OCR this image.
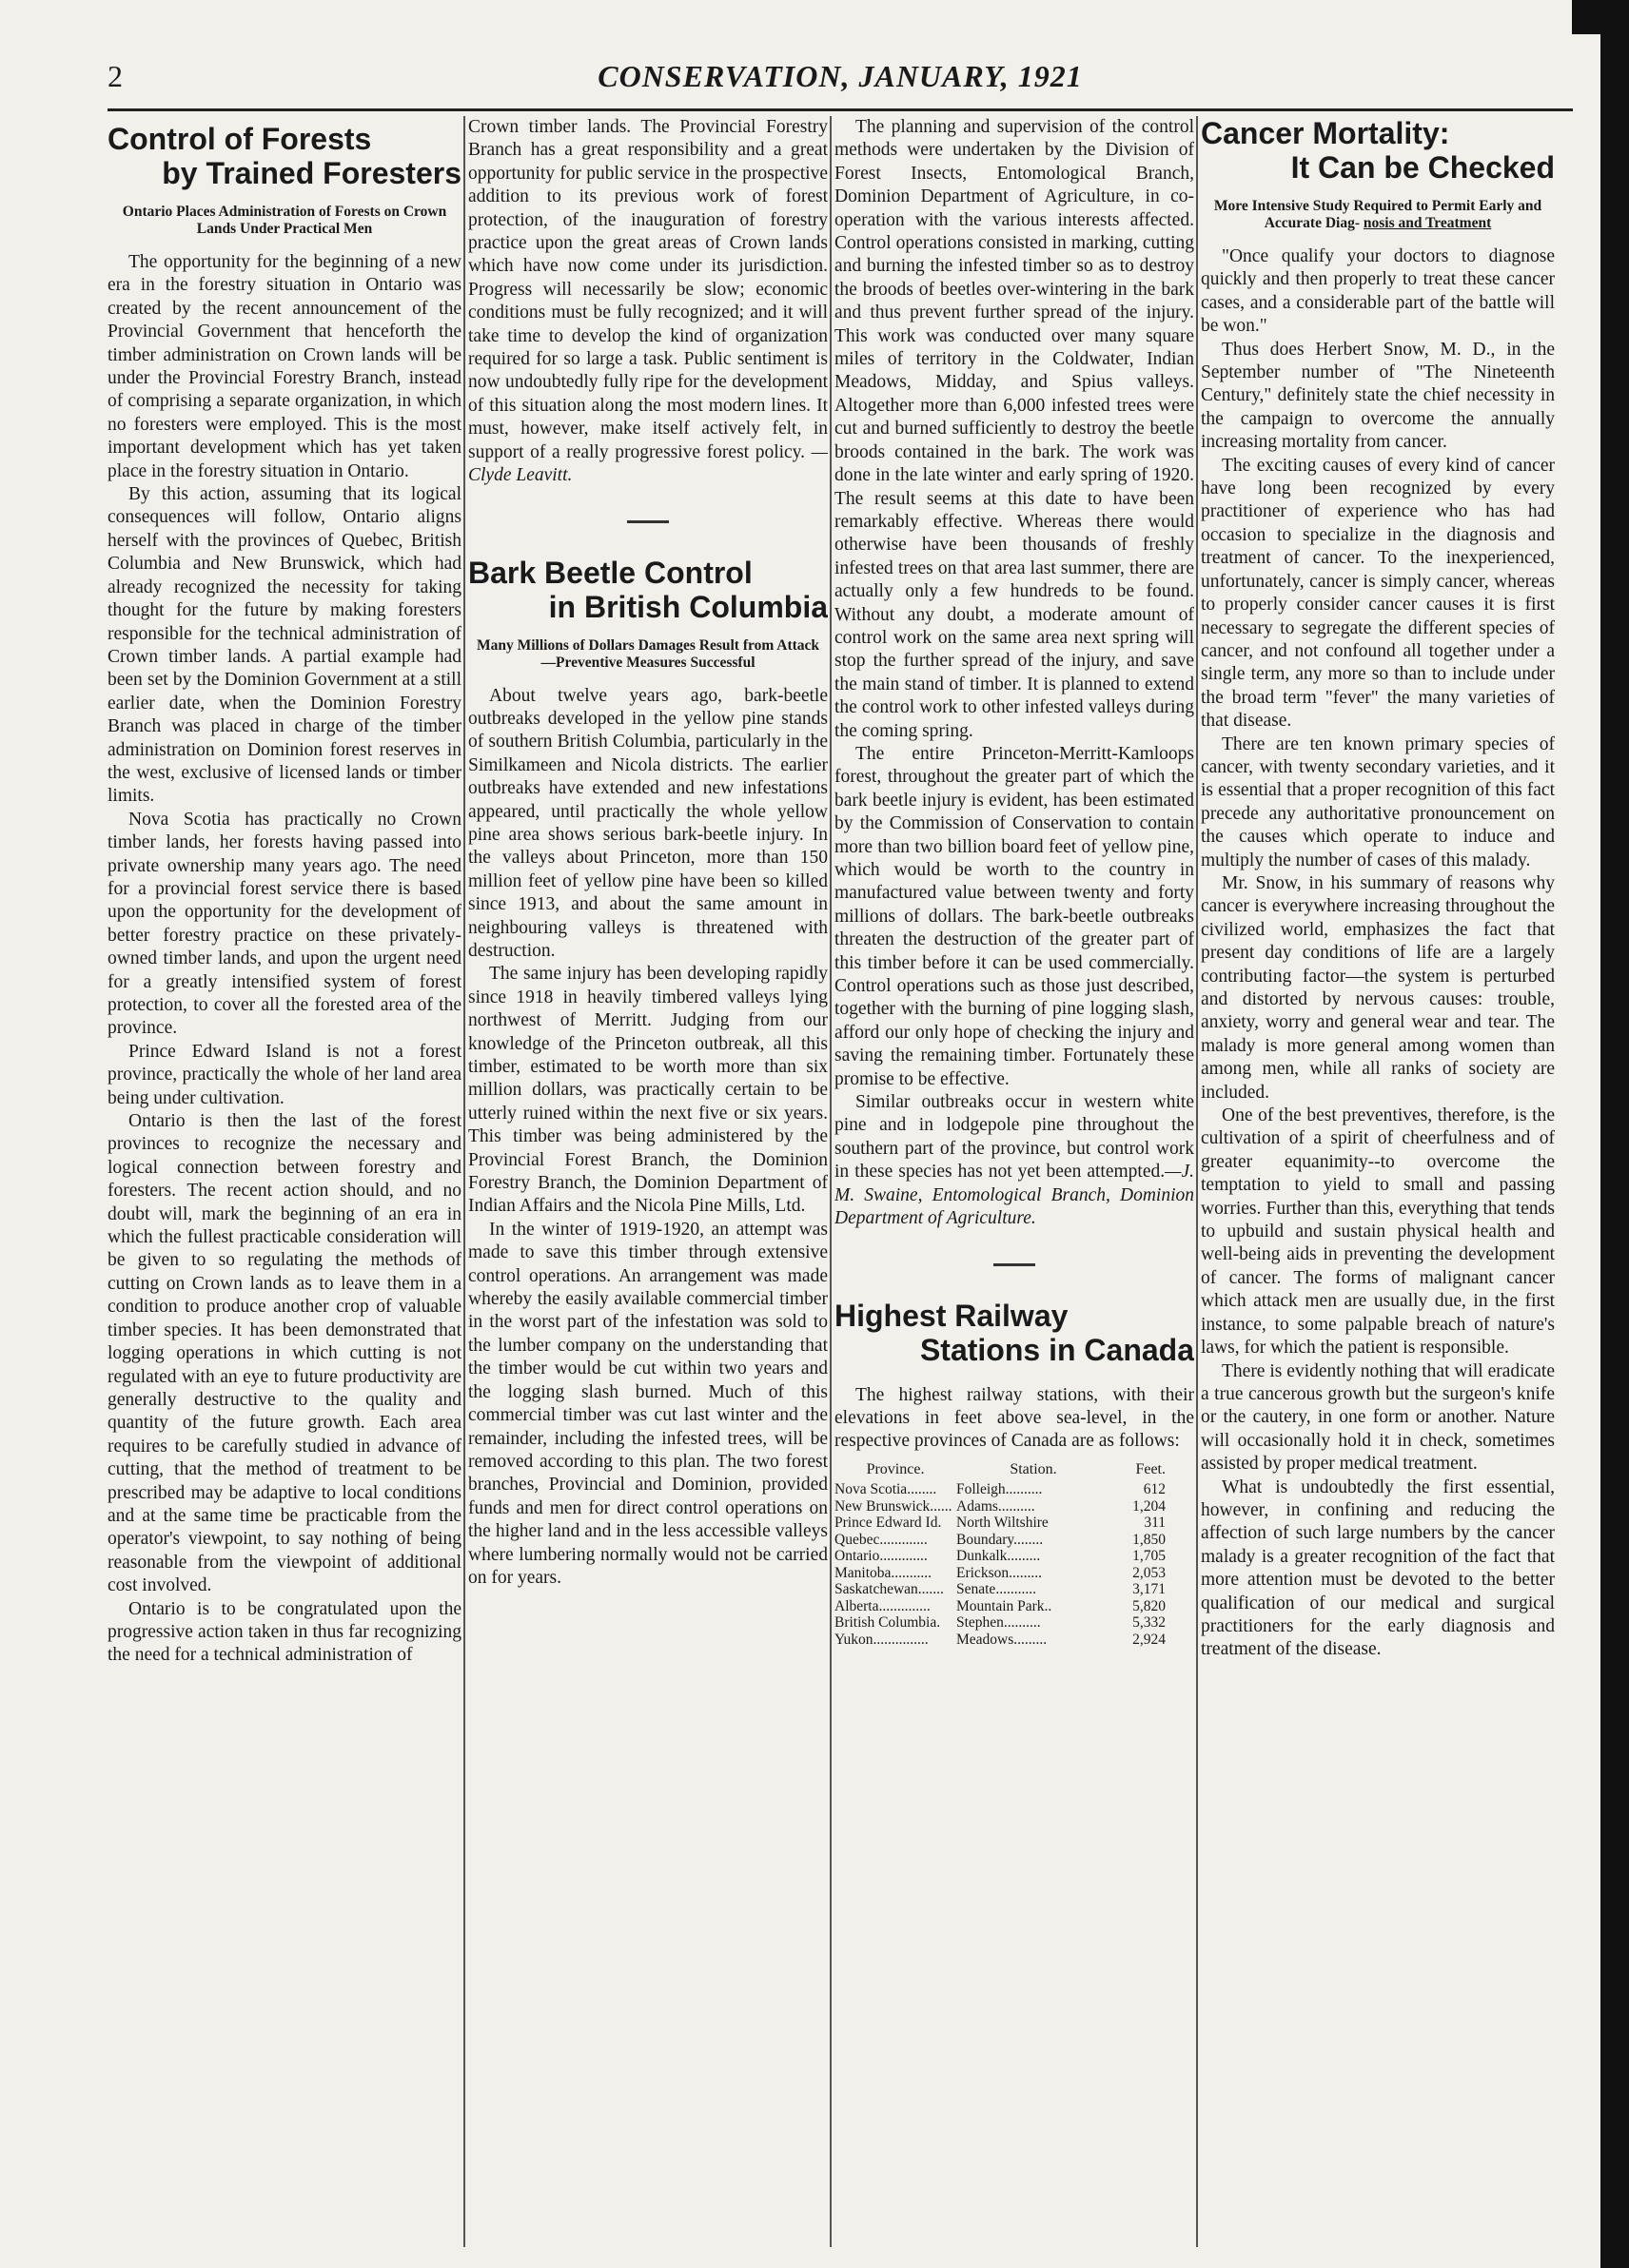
2	CONSERVATION, JANUARY, 1921
Control of Forests
by Trained Foresters
Ontario Places Administration of Forests on Crown Lands Under Practical Men

The opportunity for the beginning of a new era in the forestry situation in Ontario was created by the recent announcement of the Provincial Government that henceforth the timber administration on Crown lands will be under the Provincial Forestry Branch, instead of comprising a separate organization, in which no foresters were employed. This is the most important development which has yet taken place in the forestry situation in Ontario.

By this action, assuming that its logical consequences will follow, Ontario aligns herself with the provinces of Quebec, British Columbia and New Brunswick, which had already recognized the necessity for taking thought for the future by making foresters responsible for the technical administration of Crown timber lands. A partial example had been set by the Dominion Government at a still earlier date, when the Dominion Forestry Branch was placed in charge of the timber administration on Dominion forest reserves in the west, exclusive of licensed lands or timber limits.

Nova Scotia has practically no Crown timber lands, her forests having passed into private ownership many years ago. The need for a provincial forest service there is based upon the opportunity for the development of better forestry practice on these privately-owned timber lands, and upon the urgent need for a greatly intensified system of forest protection, to cover all the forested area of the province.

Prince Edward Island is not a forest province, practically the whole of her land area being under cultivation.

Ontario is then the last of the forest provinces to recognize the necessary and logical connection between forestry and foresters. The recent action should, and no doubt will, mark the beginning of an era in which the fullest practicable consideration will be given to so regulating the methods of cutting on Crown lands as to leave them in a condition to produce another crop of valuable timber species. It has been demonstrated that logging operations in which cutting is not regulated with an eye to future productivity are generally destructive to the quality and quantity of the future growth. Each area requires to be carefully studied in advance of cutting, that the method of treatment to be prescribed may be adaptive to local conditions and at the same time be practicable from the operator's viewpoint, to say nothing of being reasonable from the viewpoint of additional cost involved.

Ontario is to be congratulated upon the progressive action taken in thus far recognizing the need for a technical administration of

Crown timber lands. The Provincial Forestry Branch has a great responsibility and a great opportunity for public service in the prospective addition to its previous work of forest protection, of the inauguration of forestry practice upon the great areas of Crown lands which have now come under its jurisdiction. Progress will necessarily be slow; economic conditions must be fully recognized; and it will take time to develop the kind of organization required for so large a task. Public sentiment is now undoubtedly fully ripe for the development of this situation along the most modern lines. It must, however, make itself actively felt, in support of a really progressive forest policy. —Clyde Leavitt.

Bark Beetle Control
in British Columbia
Many Millions of Dollars Damages Result from Attack—Preventive Measures Successful

About twelve years ago, bark-beetle outbreaks developed in the yellow pine stands of southern British Columbia, particularly in the Similkameen and Nicola districts. The earlier outbreaks have extended and new infestations appeared, until practically the whole yellow pine area shows serious bark-beetle injury. In the valleys about Princeton, more than 150 million feet of yellow pine have been so killed since 1913, and about the same amount in neighbouring valleys is threatened with destruction.

The same injury has been developing rapidly since 1918 in heavily timbered valleys lying northwest of Merritt. Judging from our knowledge of the Princeton outbreak, all this timber, estimated to be worth more than six million dollars, was practically certain to be utterly ruined within the next five or six years. This timber was being administered by the Provincial Forest Branch, the Dominion Forestry Branch, the Dominion Department of Indian Affairs and the Nicola Pine Mills, Ltd.

In the winter of 1919-1920, an attempt was made to save this timber through extensive control operations. An arrangement was made whereby the easily available commercial timber in the worst part of the infestation was sold to the lumber company on the understanding that the timber would be cut within two years and the logging slash burned. Much of this commercial timber was cut last winter and the remainder, including the infested trees, will be removed according to this plan. The two forest branches, Provincial and Dominion, provided funds and men for direct control operations on the higher land and in the less accessible valleys where lumbering normally would not be carried on for years.

The planning and supervision of the control methods were undertaken by the Division of Forest Insects, Entomological Branch, Dominion Department of Agriculture, in co-operation with the various interests affected. Control operations consisted in marking, cutting and burning the infested timber so as to destroy the broods of beetles over-wintering in the bark and thus prevent further spread of the injury. This work was conducted over many square miles of territory in the Coldwater, Indian Meadows, Midday, and Spius valleys. Altogether more than 6,000 infested trees were cut and burned sufficiently to destroy the beetle broods contained in the bark. The work was done in the late winter and early spring of 1920. The result seems at this date to have been remarkably effective. Whereas there would otherwise have been thousands of freshly infested trees on that area last summer, there are actually only a few hundreds to be found. Without any doubt, a moderate amount of control work on the same area next spring will stop the further spread of the injury, and save the main stand of timber. It is planned to extend the control work to other infested valleys during the coming spring.

The entire Princeton-Merritt-Kamloops forest, throughout the greater part of which the bark beetle injury is evident, has been estimated by the Commission of Conservation to contain more than two billion board feet of yellow pine, which would be worth to the country in manufactured value between twenty and forty millions of dollars. The bark-beetle outbreaks threaten the destruction of the greater part of this timber before it can be used commercially. Control operations such as those just described, together with the burning of pine logging slash, afford our only hope of checking the injury and saving the remaining timber. Fortunately these promise to be effective.

Similar outbreaks occur in western white pine and in lodgepole pine throughout the southern part of the province, but control work in these species has not yet been attempted.—J. M. Swaine, Entomological Branch, Dominion Department of Agriculture.

Highest Railway
Stations in Canada

The highest railway stations, with their elevations in feet above sea-level, in the respective provinces of Canada are as follows:

Province.	Station.	Feet.
Nova Scotia........	Folleigh..........	612
New Brunswick...... Adams..........	1,204
Prince Edward Id.	North Wiltshire	311
Quebec.............	Boundary........	1,850
Ontario.............	Dunkalk.........	1,705
Manitoba...........	Erickson.........	2,053
Saskatchewan....... Senate...........	3,171
Alberta..............	Mountain Park..	5,820
British Columbia.	Stephen..........	5,332
Yukon...............	Meadows.........	2,924
Cancer Mortality:
It Can be Checked
More Intensive Study Required to Permit Early and Accurate Diag- nosis and Treatment

"Once qualify your doctors to diagnose quickly and then properly to treat these cancer cases, and a considerable part of the battle will be won."

Thus does Herbert Snow, M. D., in the September number of "The Nineteenth Century," definitely state the chief necessity in the campaign to overcome the annually increasing mortality from cancer.

The exciting causes of every kind of cancer have long been recognized by every practitioner of experience who has had occasion to specialize in the diagnosis and treatment of cancer. To the inexperienced, unfortunately, cancer is simply cancer, whereas to properly consider cancer causes it is first necessary to segregate the different species of cancer, and not confound all together under a single term, any more so than to include under the broad term "fever" the many varieties of that disease.

There are ten known primary species of cancer, with twenty secondary varieties, and it is essential that a proper recognition of this fact precede any authoritative pronouncement on the causes which operate to induce and multiply the number of cases of this malady.

Mr. Snow, in his summary of reasons why cancer is everywhere increasing throughout the civilized world, emphasizes the fact that present day conditions of life are a largely contributing factor—the system is perturbed and distorted by nervous causes: trouble, anxiety, worry and general wear and tear. The malady is more general among women than among men, while all ranks of society are included.

One of the best preventives, therefore, is the cultivation of a spirit of cheerfulness and of greater equanimity--to overcome the temptation to yield to small and passing worries. Further than this, everything that tends to upbuild and sustain physical health and well-being aids in preventing the development of cancer. The forms of malignant cancer which attack men are usually due, in the first instance, to some palpable breach of nature's laws, for which the patient is responsible.

There is evidently nothing that will eradicate a true cancerous growth but the surgeon's knife or the cautery, in one form or another. Nature will occasionally hold it in check, sometimes assisted by proper medical treatment.

What is undoubtedly the first essential, however, in confining and reducing the affection of such large numbers by the cancer malady is a greater recognition of the fact that more attention must be devoted to the better qualification of our medical and surgical practitioners for the early diagnosis and treatment of the disease.
